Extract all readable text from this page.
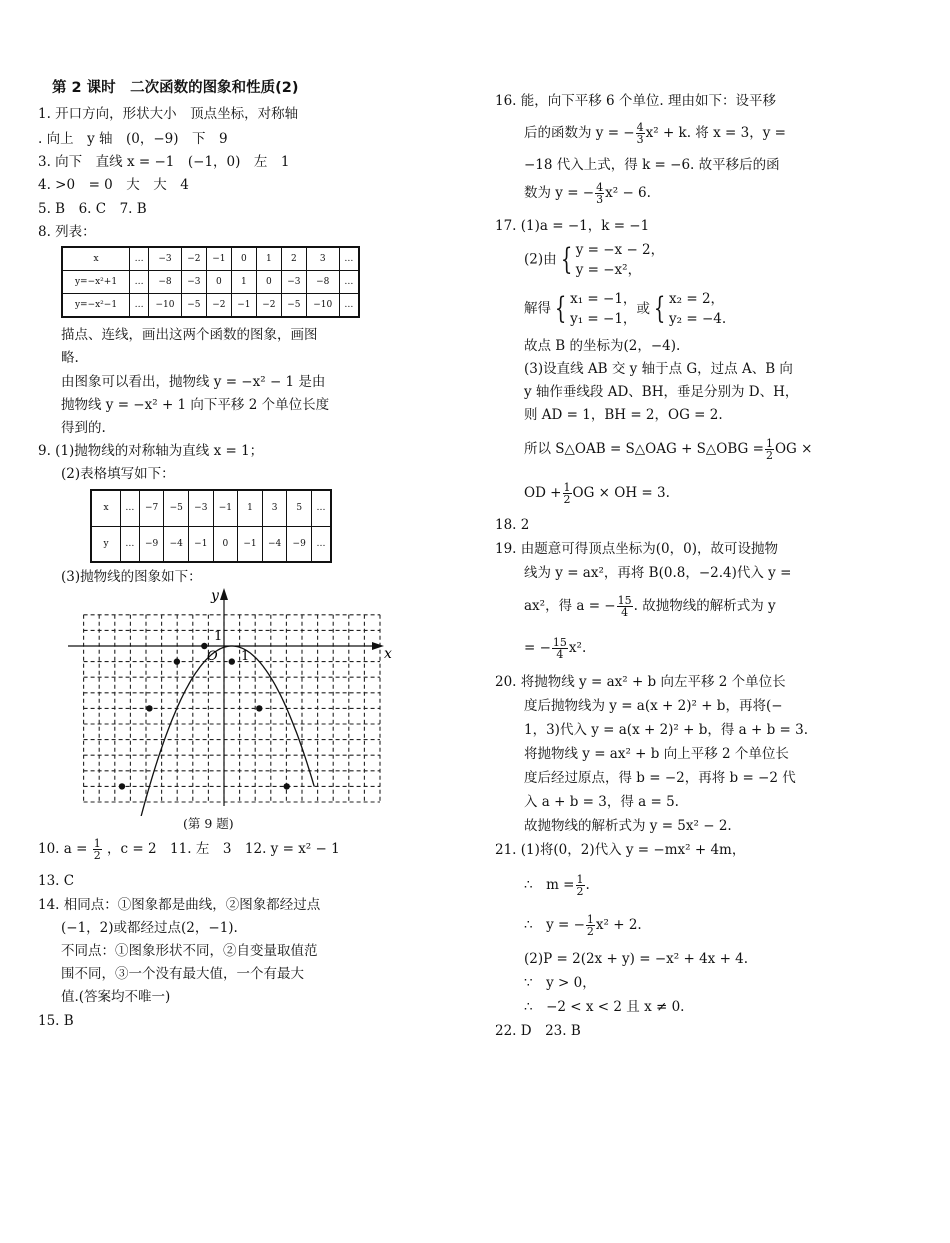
第 2 课时　二次函数的图象和性质(2)
1. 开口方向，形状大小　顶点坐标，对称轴
. 向上　y 轴　(0，−9)　下　9
3. 向下　直线 x = −1　(−1，0)　左　1
4. >0　= 0　大　大　4
5. B　6. C　7. B
8. 列表：
x	…	−3	−2	−1	0	1	2	3	…
y=−x²+1	…	−8	−3	0	1	0	−3	−8	…
y=−x²−1	…	−10	−5	−2	−1	−2	−5	−10	…
描点、连线，画出这两个函数的图象，画图
略.
由图象可以看出，抛物线 y = −x² − 1 是由
抛物线 y = −x² + 1 向下平移 2 个单位长度
得到的.
9. (1)抛物线的对称轴为直线 x = 1；
(2)表格填写如下：
x	…	−7	−5	−3	−1	1	3	5	…
y	…	−9	−4	−1	0	−1	−4	−9	…
(3)抛物线的图象如下：
y
x
O
1
1
(第 9 题)
10. $a = \frac{1}{2}$ ，c = 2　11. 左　3　12. y = x² − 1
13. C
14. 相同点：①图象都是曲线，②图象都经过点
(−1，2)或都经过点(2，−1).
不同点：①图象形状不同，②自变量取值范
围不同，③一个没有最大值，一个有最大
值.(答案均不唯一)
15. B
16. 能，向下平移 6 个单位. 理由如下：设平移
后的函数为 y = − $\frac{4}{3} x^2 + k$. 将 x = 3，y =
−18 代入上式，得 k = −6. 故平移后的函
数为 y = − $\frac{4}{3} x^2 - 6$.
17. (1)a = −1，k = −1
(2)由 { y = −x − 2，
y = −x²，
解得 { x₁ = −1，
y₁ = −1，
或 { x₂ = 2，
y₂ = −4.
故点 B 的坐标为(2，−4).
(3)设直线 AB 交 y 轴于点 G，过点 A、B 向
y 轴作垂线段 AD、BH，垂足分别为 D、H，
则 AD = 1，BH = 2，OG = 2.
所以 S△OAB = S△OAG + S△OBG = $\frac{1}{2}$ OG ×
OD + $\frac{1}{2}$ OG × OH = 3.
18. 2
19. 由题意可得顶点坐标为(0，0)，故可设抛物
线为 y = ax²，再将 B(0.8，−2.4)代入 y =
ax²，得 a = − $\frac{15}{4}$ . 故抛物线的解析式为 y
= − $\frac{15}{4} x^2$.
20. 将抛物线 y = ax² + b 向左平移 2 个单位长
度后抛物线为 y = a(x + 2)² + b，再将(−
1，3)代入 y = a(x + 2)² + b，得 a + b = 3.
将抛物线 y = ax² + b 向上平移 2 个单位长
度后经过原点，得 b = −2，再将 b = −2 代
入 a + b = 3，得 a = 5.
故抛物线的解析式为 y = 5x² − 2.
21. (1)将(0，2)代入 y = −mx² + 4m，
∴　$m = \frac{1}{2}$ .
∴　y = − $\frac{1}{2} x^2 + 2$.
(2)P = 2(2x + y) = −x² + 4x + 4.
∵　y > 0，
∴　−2 < x < 2 且 x ≠ 0.
22. D　23. B
